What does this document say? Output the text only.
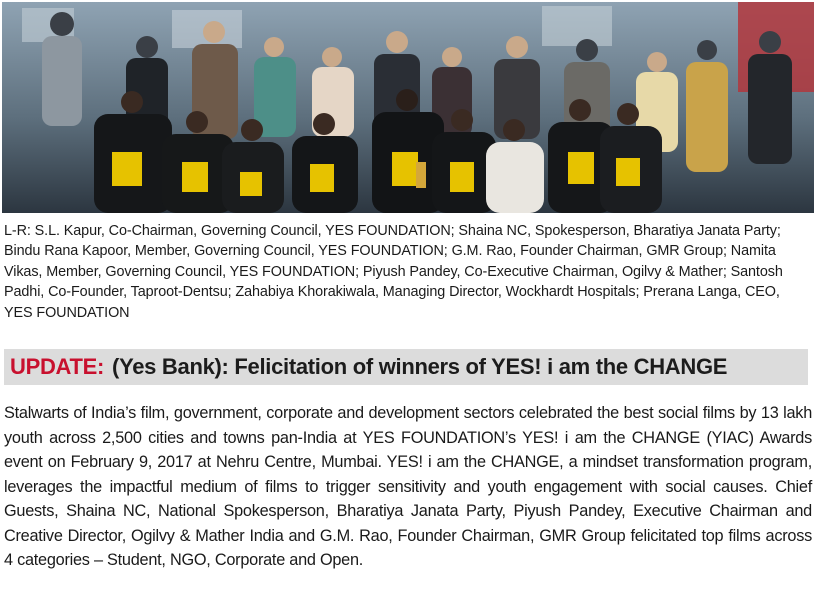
L-R: S.L. Kapur, Co-Chairman, Governing Council, YES FOUNDATION; Shaina NC, Spokesperson, Bharatiya Janata Party; Bindu Rana Kapoor, Member, Governing Council, YES FOUNDATION; G.M. Rao, Founder Chairman, GMR Group; Namita Vikas, Member, Governing Council, YES FOUNDATION; Piyush Pandey, Co-Executive Chairman, Ogilvy & Mather; Santosh Padhi, Co-Founder, Taproot-Dentsu; Zahabiya Khorakiwala, Managing Director, Wockhardt Hospitals; Prerana Langa, CEO, YES FOUNDATION
UPDATE: (Yes Bank): Felicitation of winners of YES! i am the CHANGE
Stalwarts of India’s film, government, corporate and development sectors celebrated the best social films by 13 lakh youth across 2,500 cities and towns pan-India at YES FOUNDATION’s YES! i am the CHANGE (YIAC) Awards event on February 9, 2017 at Nehru Centre, Mumbai. YES! i am the CHANGE, a mindset transformation program, leverages the impactful medium of films to trigger sensitivity and youth engagement with social causes. Chief Guests, Shaina NC, National Spokesperson, Bharatiya Janata Party, Piyush Pandey, Executive Chairman and Creative Director, Ogilvy & Mather India and G.M. Rao, Founder Chairman, GMR Group felicitated top films across 4 categories – Student, NGO, Corporate and Open.
